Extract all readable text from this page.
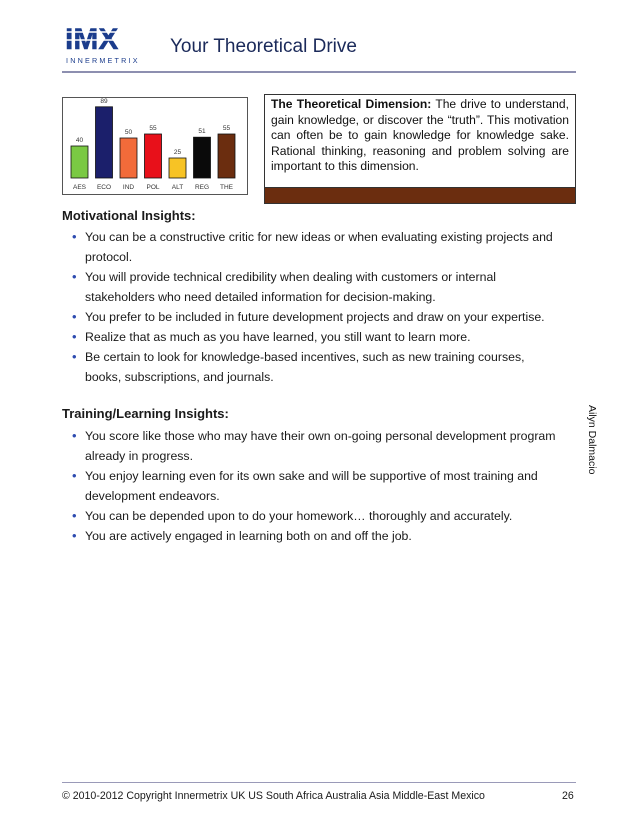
IMX
INNERMETRIX
Your Theoretical Drive
40
AES
89
ECO
50
IND
55
POL
25
ALT
51
REG
55
THE
The Theoretical Dimension: The drive to understand, gain knowledge, or discover the “truth”. This motivation can often be to gain knowledge for knowledge sake. Rational thinking, reasoning and problem solving are important to this dimension.
Motivational Insights:
• You can be a constructive critic for new ideas or when evaluating existing projects and protocol.
• You will provide technical credibility when dealing with customers or internal stakeholders who need detailed information for decision-making.
• You prefer to be included in future development projects and draw on your expertise.
• Realize that as much as you have learned, you still want to learn more.
• Be certain to look for knowledge-based incentives, such as new training courses, books, subscriptions, and journals.
Training/Learning Insights:
• You score like those who may have their own on-going personal development program already in progress.
• You enjoy learning even for its own sake and will be supportive of most training and development endeavors.
• You can be depended upon to do your homework… thoroughly and accurately.
• You are actively engaged in learning both on and off the job.
Ailyn Dalmacio
© 2010-2012 Copyright Innermetrix UK US South Africa Australia Asia Middle-East Mexico	26
